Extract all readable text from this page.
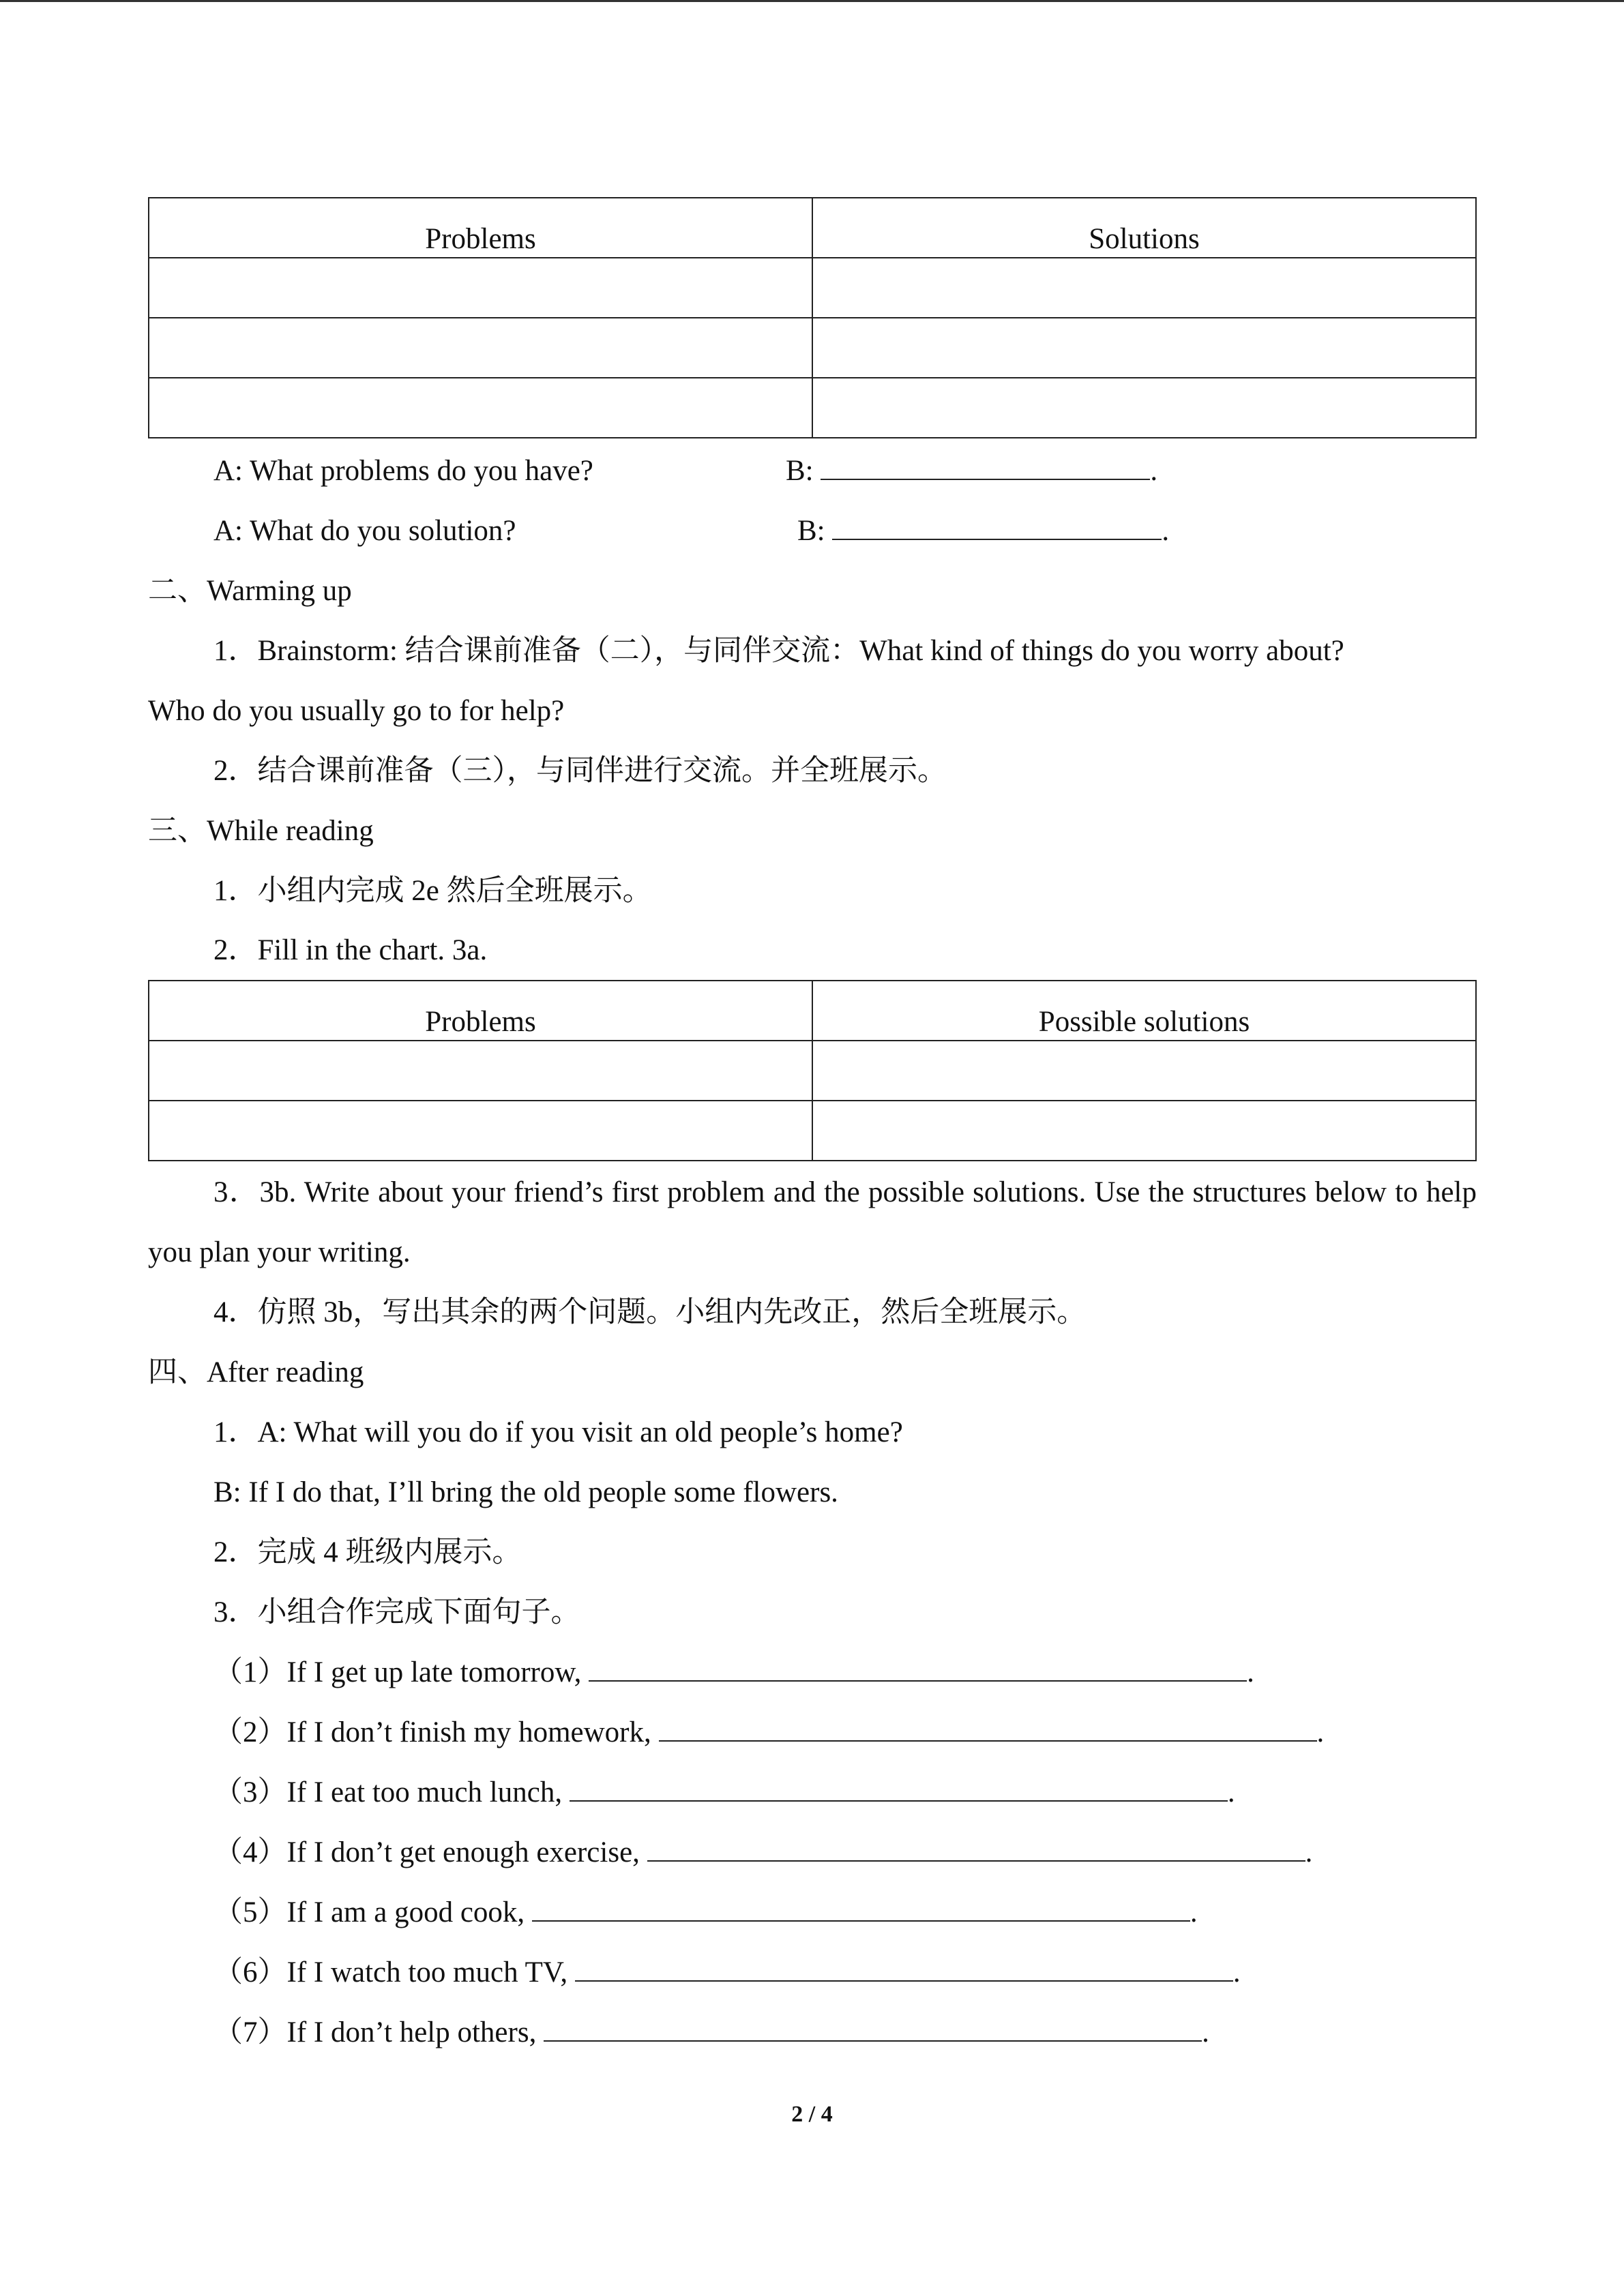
Problems	Solutions

A: What problems do you have?	B:	.
A: What do you solution?	B:	.

二、Warming up

1．Brainstorm: 结合课前准备（二），与同伴交流：What kind of things do you worry about?

Who do you usually go to for help?

2．结合课前准备（三），与同伴进行交流。并全班展示。

三、While reading

1．小组内完成 2e 然后全班展示。

2．Fill in the chart. 3a.

Problems	Possible solutions

3．3b. Write about your friend’s first problem and the possible solutions. Use the structures below to help you plan your writing.

4．仿照 3b，写出其余的两个问题。小组内先改正，然后全班展示。

四、After reading

1．A: What will you do if you visit an old people’s home?

B: If I do that, I’ll bring the old people some flowers.

2．完成 4 班级内展示。

3．小组合作完成下面句子。

（1）If I get up late tomorrow,	.

（2）If I don’t finish my homework,	.

（3）If I eat too much lunch,	.

（4）If I don’t get enough exercise,	.

（5）If I am a good cook,	.

（6）If I watch too much TV,	.

（7）If I don’t help others,	.

2 / 4
